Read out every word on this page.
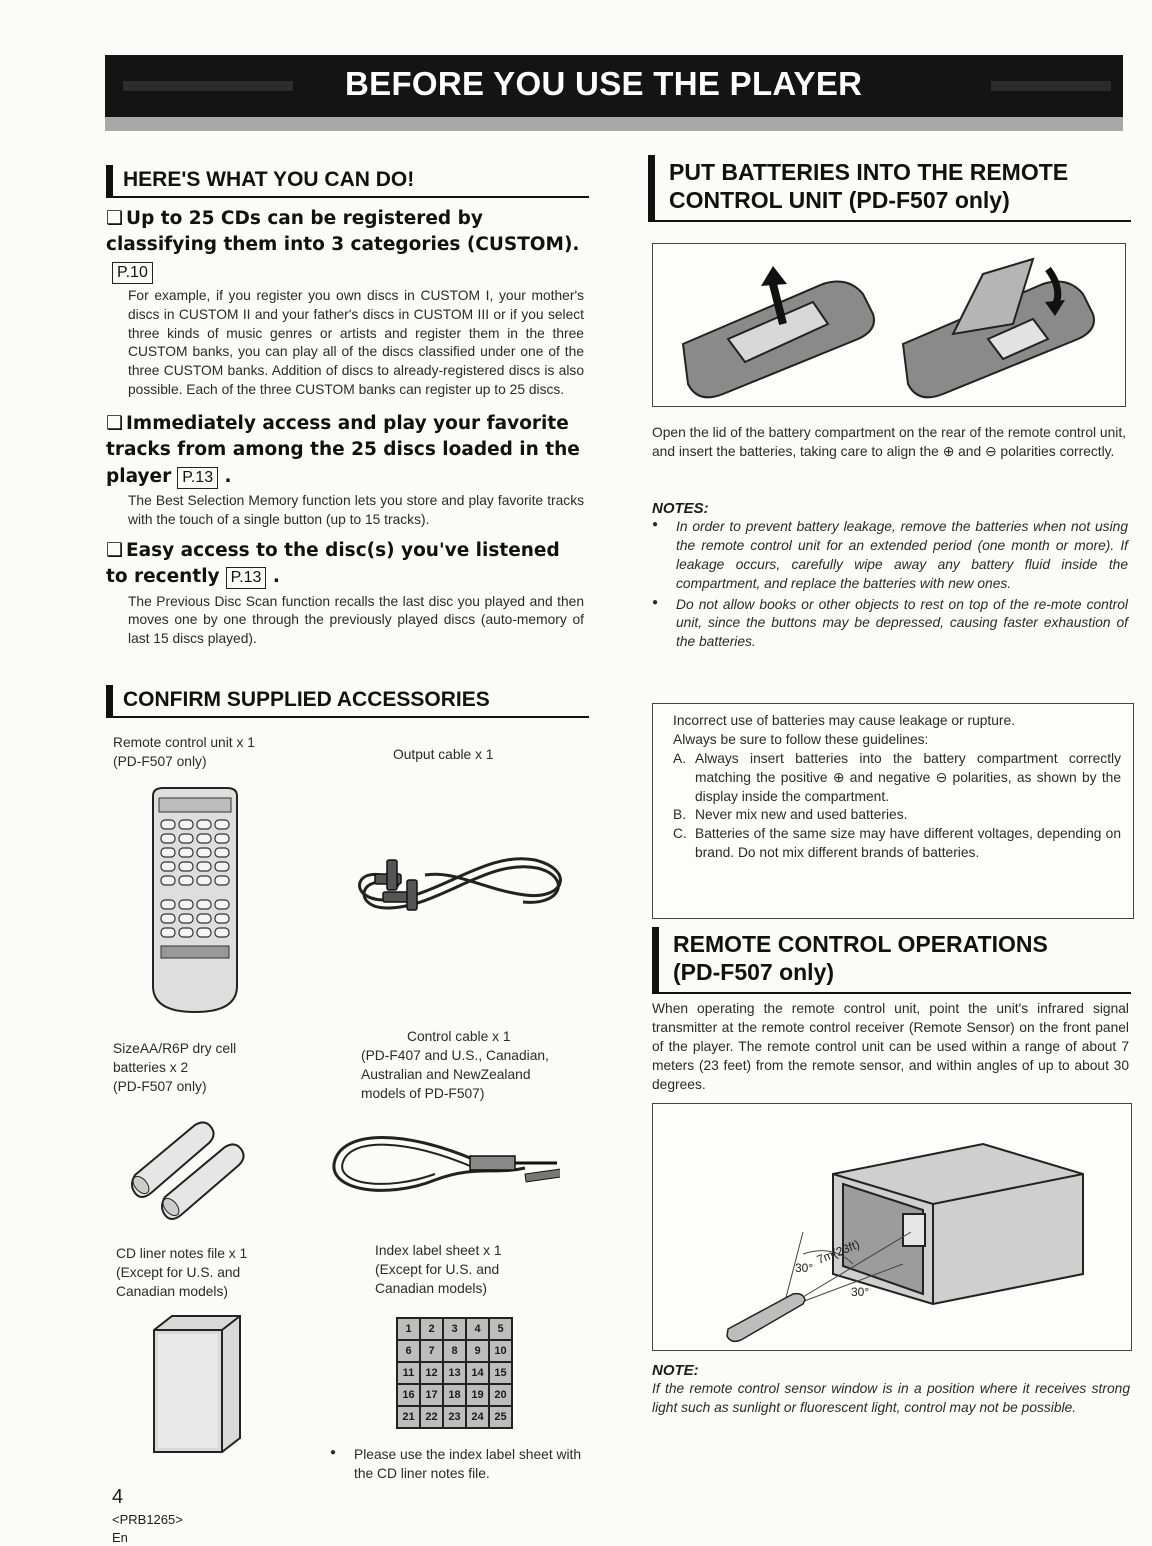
BEFORE YOU USE THE PLAYER
HERE'S WHAT YOU CAN DO!
❑ Up to 25 CDs can be registered by classifying them into 3 categories (CUSTOM).P.10
For example, if you register you own discs in CUSTOM I, your mother's discs in CUSTOM II and your father's discs in CUSTOM III or if you select three kinds of music genres or artists and register them in the three CUSTOM banks, you can play all of the discs classified under one of the three CUSTOM banks. Addition of discs to already-registered discs is also possible. Each of the three CUSTOM banks can register up to 25 discs.
❑ Immediately access and play your favorite tracks from among the 25 discs loaded in the player P.13 .
The Best Selection Memory function lets you store and play favorite tracks with the touch of a single button (up to 15 tracks).
❑ Easy access to the disc(s) you've listened to recently P.13 .
The Previous Disc Scan function recalls the last disc you played and then moves one by one through the previously played discs (auto-memory of last 15 discs played).
CONFIRM SUPPLIED ACCESSORIES
Remote control unit x 1
(PD-F507 only)	Output cable x 1
SizeAA/R6P dry cell
batteries x 2
(PD-F507 only)
Control cable x 1
(PD-F407 and U.S., Canadian,
Australian and NewZealand
models of PD-F507)
CD liner notes file x 1
(Except for U.S. and
Canadian models)
Index label sheet x 1
(Except for U.S. and
Canadian models)
1	2	3	4	5
6	7	8	9	10
11	12	13	14	15
16	17	18	19	20
21	22	23	24	25
● Please use the index label sheet with the CD liner notes file.
4
<PRB1265>
En
PUT BATTERIES INTO THE REMOTE
CONTROL UNIT (PD-F507 only)
Open the lid of the battery compartment on the rear of the remote control unit, and insert the batteries, taking care to align the ⊕ and ⊖ polarities correctly.
NOTES:
● In order to prevent battery leakage, remove the batteries when not using the remote control unit for an extended period (one month or more). If leakage occurs, carefully wipe away any battery fluid inside the compartment, and replace the batteries with new ones.
● Do not allow books or other objects to rest on top of the re-mote control unit, since the buttons may be depressed, causing faster exhaustion of the batteries.
Incorrect use of batteries may cause leakage or rupture.
Always be sure to follow these guidelines:
A. Always insert batteries into the battery compartment correctly matching the positive ⊕ and negative ⊖ polarities, as shown by the display inside the compartment.
B. Never mix new and used batteries.
C. Batteries of the same size may have different voltages, depending on brand. Do not mix different brands of batteries.
REMOTE CONTROL OPERATIONS
(PD-F507 only)
When operating the remote control unit, point the unit's infrared signal transmitter at the remote control receiver (Remote Sensor) on the front panel of the player. The remote control unit can be used within a range of about 7 meters (23 feet) from the remote sensor, and within angles of up to about 30 degrees.
30°
7m(23ft)
30°
NOTE:
If the remote control sensor window is in a position where it receives strong light such as sunlight or fluorescent light, control may not be possible.
